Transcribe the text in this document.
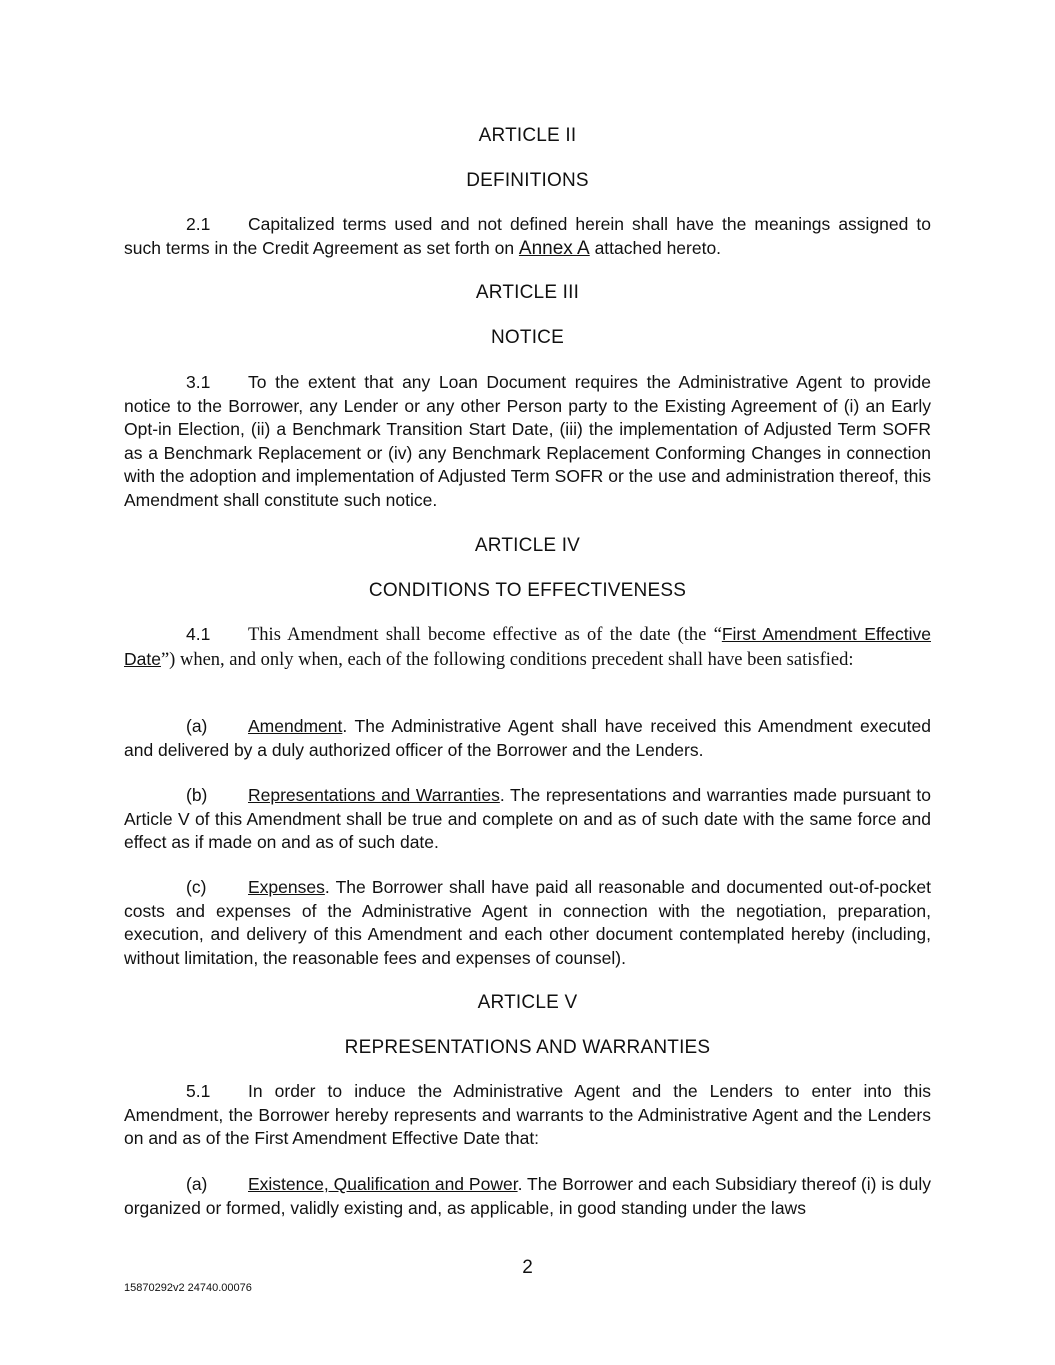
ARTICLE II
DEFINITIONS

2.1 Capitalized terms used and not defined herein shall have the meanings assigned to such terms in the Credit Agreement as set forth on Annex A attached hereto.

ARTICLE III
NOTICE

3.1 To the extent that any Loan Document requires the Administrative Agent to provide notice to the Borrower, any Lender or any other Person party to the Existing Agreement of (i) an Early Opt-in Election, (ii) a Benchmark Transition Start Date, (iii) the implementation of Adjusted Term SOFR as a Benchmark Replacement or (iv) any Benchmark Replacement Conforming Changes in connection with the adoption and implementation of Adjusted Term SOFR or the use and administration thereof, this Amendment shall constitute such notice.

ARTICLE IV
CONDITIONS TO EFFECTIVENESS

4.1 This Amendment shall become effective as of the date (the “First Amendment Effective Date”) when, and only when, each of the following conditions precedent shall have been satisfied:

(a) Amendment. The Administrative Agent shall have received this Amendment executed and delivered by a duly authorized officer of the Borrower and the Lenders.

(b) Representations and Warranties. The representations and warranties made pursuant to Article V of this Amendment shall be true and complete on and as of such date with the same force and effect as if made on and as of such date.

(c) Expenses. The Borrower shall have paid all reasonable and documented out-of-pocket costs and expenses of the Administrative Agent in connection with the negotiation, preparation, execution, and delivery of this Amendment and each other document contemplated hereby (including, without limitation, the reasonable fees and expenses of counsel).

ARTICLE V
REPRESENTATIONS AND WARRANTIES

5.1 In order to induce the Administrative Agent and the Lenders to enter into this Amendment, the Borrower hereby represents and warrants to the Administrative Agent and the Lenders on and as of the First Amendment Effective Date that:

(a) Existence, Qualification and Power. The Borrower and each Subsidiary thereof (i) is duly organized or formed, validly existing and, as applicable, in good standing under the laws

2
15870292v2 24740.00076
